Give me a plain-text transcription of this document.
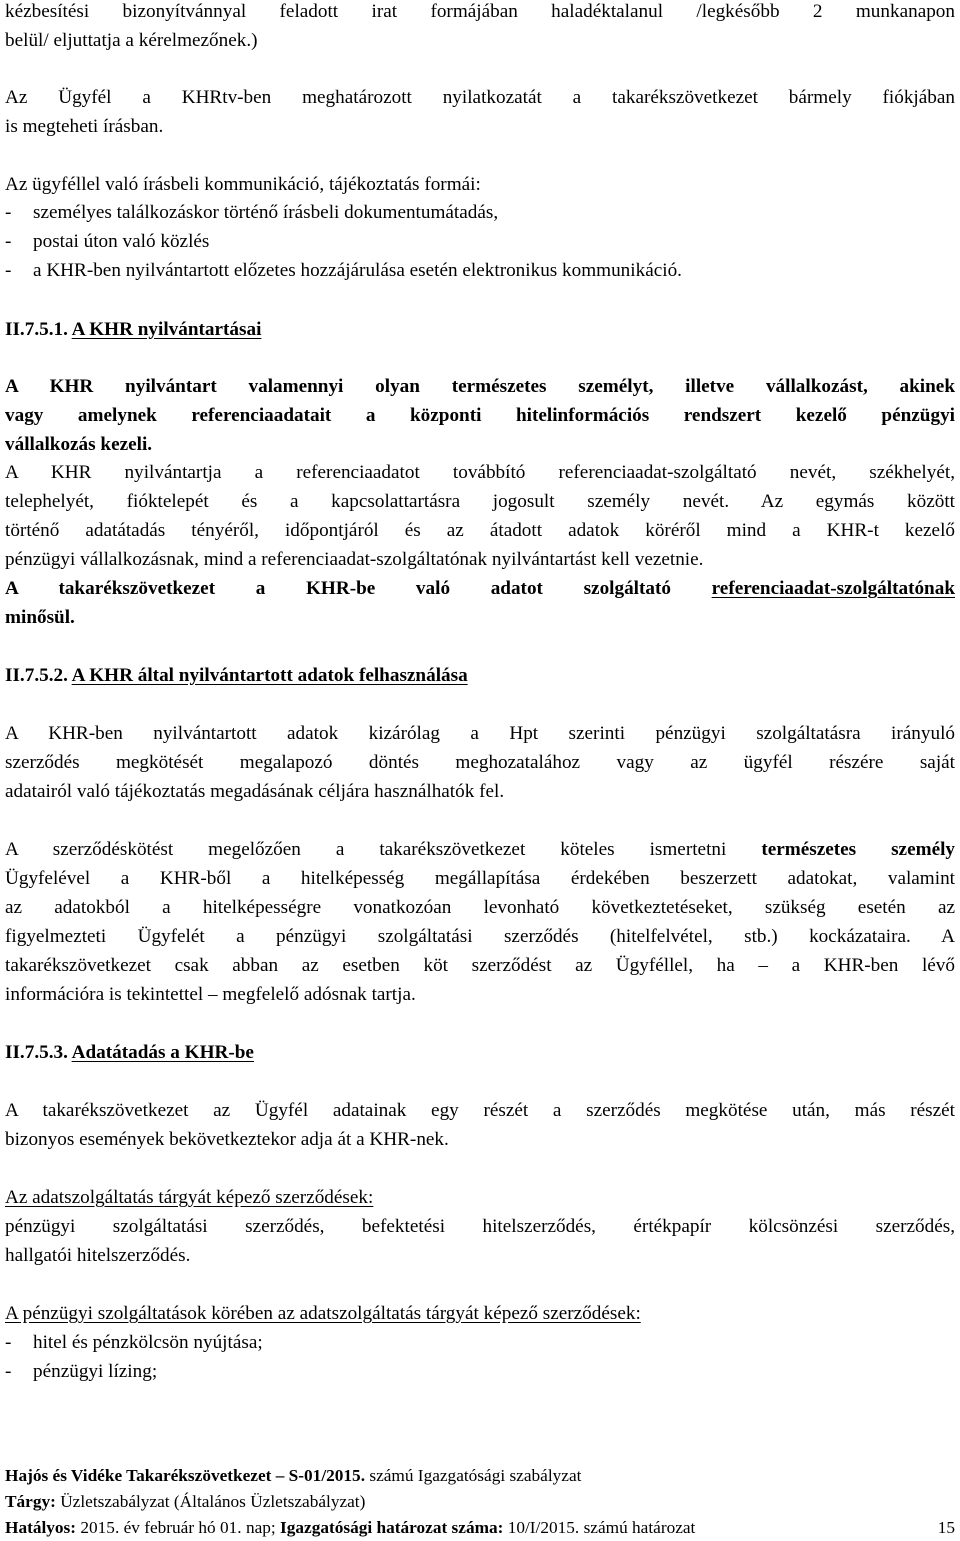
kézbesítési bizonyítvánnyal feladott irat formájában haladéktalanul /legkésőbb 2 munkanapon
belül/ eljuttatja a kérelmezőnek.)
Az Ügyfél a KHRtv-ben meghatározott nyilatkozatát a takarékszövetkezet bármely fiókjában
is megteheti írásban.
Az ügyféllel való írásbeli kommunikáció, tájékoztatás formái:
- személyes találkozáskor történő írásbeli dokumentumátadás,
- postai úton való közlés
- a KHR-ben nyilvántartott előzetes hozzájárulása esetén elektronikus kommunikáció.
II.7.5.1. A KHR nyilvántartásai
A KHR nyilvántart valamennyi olyan természetes személyt, illetve vállalkozást, akinek
vagy amelynek referenciaadatait a központi hitelinformációs rendszert kezelő pénzügyi
vállalkozás kezeli.
A KHR nyilvántartja a referenciaadatot továbbító referenciaadat-szolgáltató nevét, székhelyét,
telephelyét, fióktelepét és a kapcsolattartásra jogosult személy nevét. Az egymás között
történő adatátadás tényéről, időpontjáról és az átadott adatok köréről mind a KHR-t kezelő
pénzügyi vállalkozásnak, mind a referenciaadat-szolgáltatónak nyilvántartást kell vezetnie.
A takarékszövetkezet a KHR-be való adatot szolgáltató referenciaadat-szolgáltatónak
minősül.
II.7.5.2. A KHR által nyilvántartott adatok felhasználása
A KHR-ben nyilvántartott adatok kizárólag a Hpt szerinti pénzügyi szolgáltatásra irányuló
szerződés megkötését megalapozó döntés meghozatalához vagy az ügyfél részére saját
adatairól való tájékoztatás megadásának céljára használhatók fel.
A szerződéskötést megelőzően a takarékszövetkezet köteles ismertetni természetes személy
Ügyfelével a KHR-ből a hitelképesség megállapítása érdekében beszerzett adatokat, valamint
az adatokból a hitelképességre vonatkozóan levonható következtetéseket, szükség esetén az
figyelmezteti Ügyfelét a pénzügyi szolgáltatási szerződés (hitelfelvétel, stb.) kockázataira. A
takarékszövetkezet csak abban az esetben köt szerződést az Ügyféllel, ha – a KHR-ben lévő
információra is tekintettel – megfelelő adósnak tartja.
II.7.5.3. Adatátadás a KHR-be
A takarékszövetkezet az Ügyfél adatainak egy részét a szerződés megkötése után, más részét
bizonyos események bekövetkeztekor adja át a KHR-nek.
Az adatszolgáltatás tárgyát képező szerződések:
pénzügyi szolgáltatási szerződés, befektetési hitelszerződés, értékpapír kölcsönzési szerződés,
hallgatói hitelszerződés.
A pénzügyi szolgáltatások körében az adatszolgáltatás tárgyát képező szerződések:
- hitel és pénzkölcsön nyújtása;
- pénzügyi lízing;
Hajós és Vidéke Takarékszövetkezet – S-01/2015. számú Igazgatósági szabályzat
Tárgy: Üzletszabályzat (Általános Üzletszabályzat)
Hatályos: 2015. év február hó 01. nap; Igazgatósági határozat száma: 10/I/2015. számú határozat	15
